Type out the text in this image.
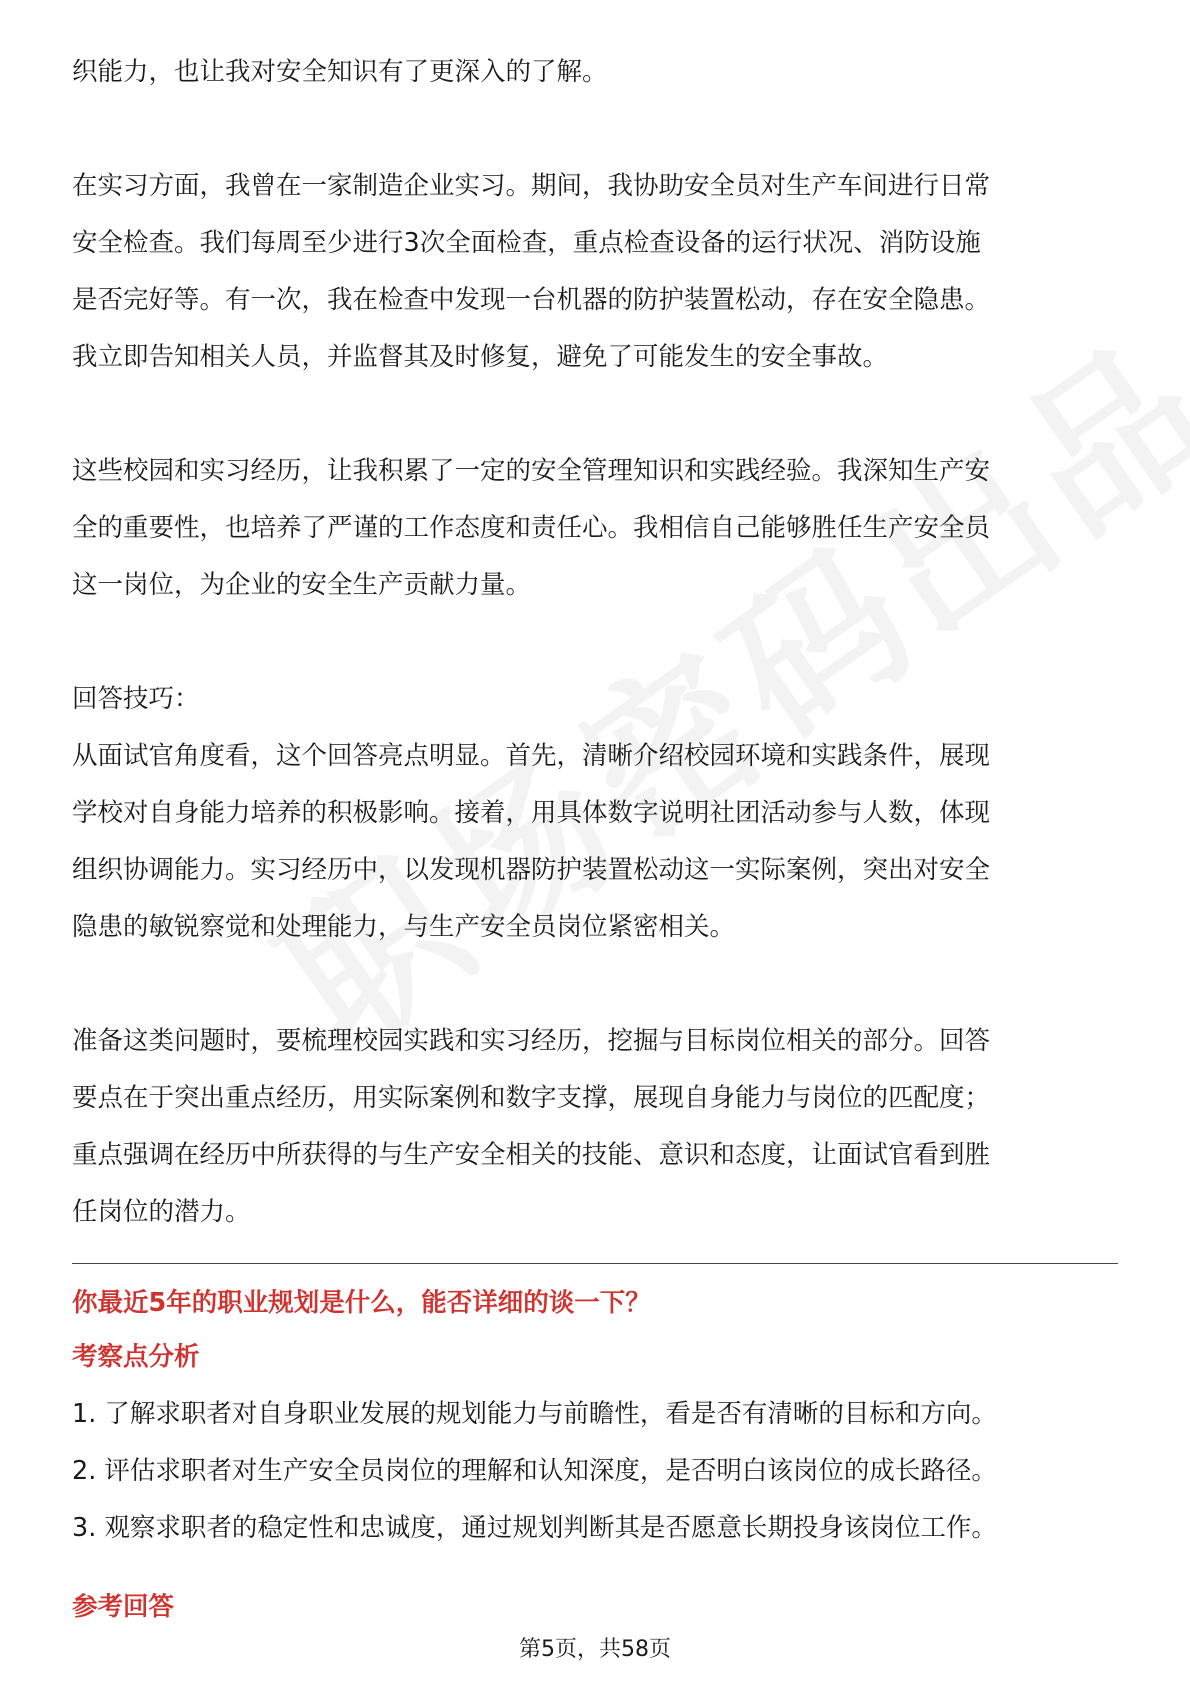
织能力，也让我对安全知识有了更深入的了解。

在实习方面，我曾在一家制造企业实习。期间，我协助安全员对生产车间进行日常
安全检查。我们每周至少进行3次全面检查，重点检查设备的运行状况、消防设施
是否完好等。有一次，我在检查中发现一台机器的防护装置松动，存在安全隐患。
我立即告知相关人员，并监督其及时修复，避免了可能发生的安全事故。

这些校园和实习经历，让我积累了一定的安全管理知识和实践经验。我深知生产安
全的重要性，也培养了严谨的工作态度和责任心。我相信自己能够胜任生产安全员
这一岗位，为企业的安全生产贡献力量。

回答技巧：

从面试官角度看，这个回答亮点明显。首先，清晰介绍校园环境和实践条件，展现
学校对自身能力培养的积极影响。接着，用具体数字说明社团活动参与人数，体现
组织协调能力。实习经历中，以发现机器防护装置松动这一实际案例，突出对安全
隐患的敏锐察觉和处理能力，与生产安全员岗位紧密相关。

准备这类问题时，要梳理校园实践和实习经历，挖掘与目标岗位相关的部分。回答
要点在于突出重点经历，用实际案例和数字支撑，展现自身能力与岗位的匹配度；
重点强调在经历中所获得的与生产安全相关的技能、意识和态度，让面试官看到胜
任岗位的潜力。

你最近5年的职业规划是什么，能否详细的谈一下？
考察点分析
1. 了解求职者对自身职业发展的规划能力与前瞻性，看是否有清晰的目标和方向。
2. 评估求职者对生产安全员岗位的理解和认知深度，是否明白该岗位的成长路径。
3. 观察求职者的稳定性和忠诚度，通过规划判断其是否愿意长期投身该岗位工作。
参考回答
第5页，共58页
